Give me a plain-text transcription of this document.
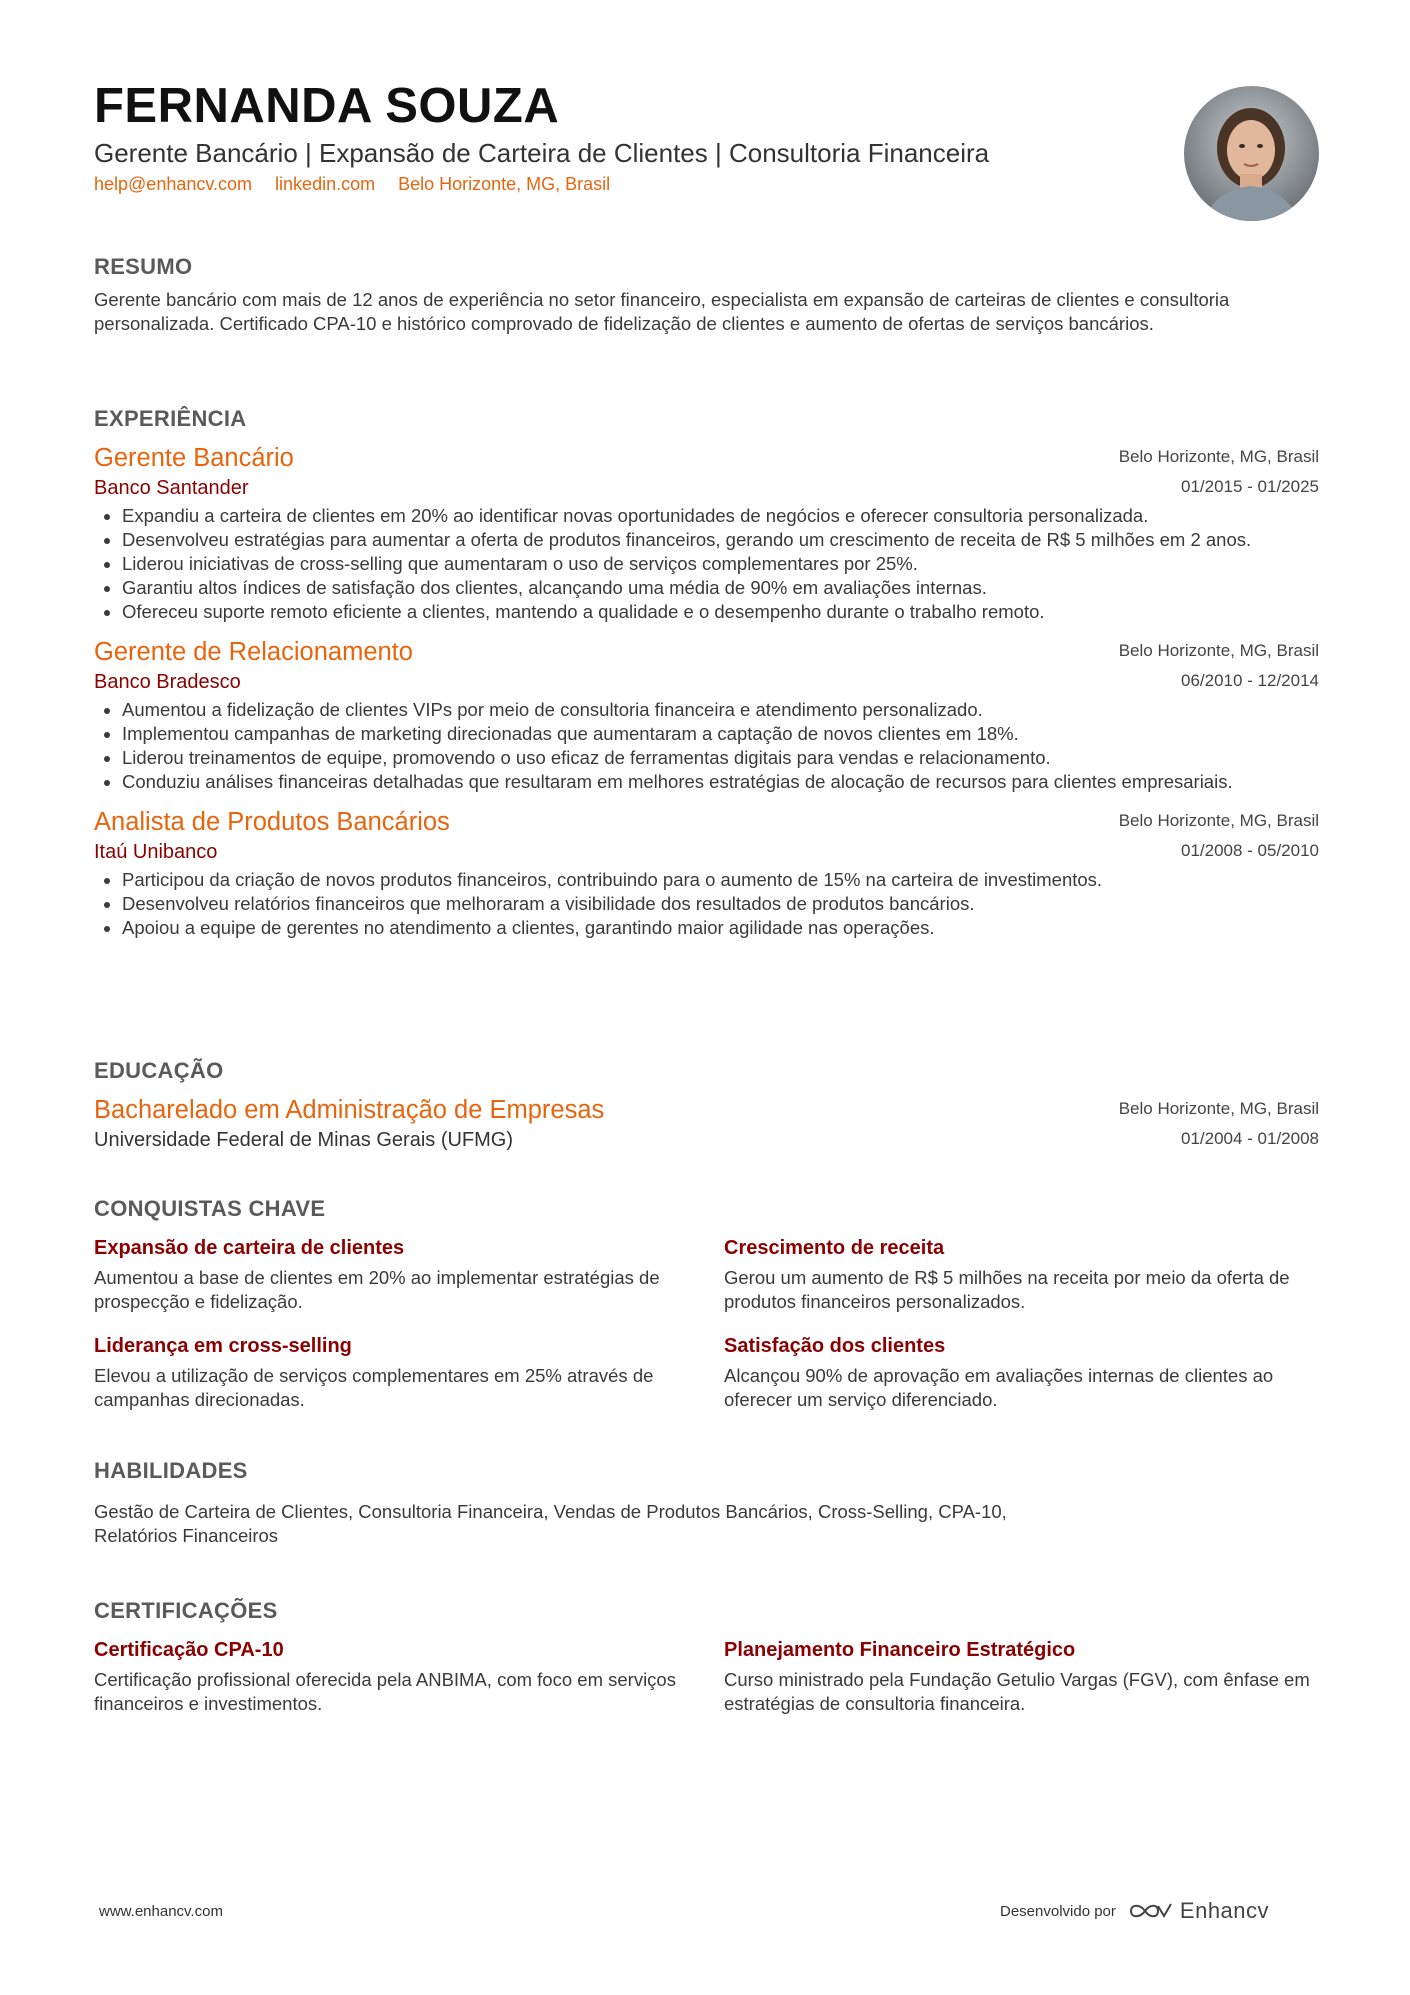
FERNANDA SOUZA
Gerente Bancário | Expansão de Carteira de Clientes | Consultoria Financeira
help@enhancv.com linkedin.com Belo Horizonte, MG, Brasil
RESUMO
Gerente bancário com mais de 12 anos de experiência no setor financeiro, especialista em expansão de carteiras de clientes e consultoria personalizada. Certificado CPA-10 e histórico comprovado de fidelização de clientes e aumento de ofertas de serviços bancários.
EXPERIÊNCIA
Gerente Bancário
Banco Santander
Belo Horizonte, MG, Brasil
01/2015 - 01/2025
• Expandiu a carteira de clientes em 20% ao identificar novas oportunidades de negócios e oferecer consultoria personalizada.
• Desenvolveu estratégias para aumentar a oferta de produtos financeiros, gerando um crescimento de receita de R$ 5 milhões em 2 anos.
• Liderou iniciativas de cross-selling que aumentaram o uso de serviços complementares por 25%.
• Garantiu altos índices de satisfação dos clientes, alcançando uma média de 90% em avaliações internas.
• Ofereceu suporte remoto eficiente a clientes, mantendo a qualidade e o desempenho durante o trabalho remoto.
Gerente de Relacionamento
Banco Bradesco
Belo Horizonte, MG, Brasil
06/2010 - 12/2014
• Aumentou a fidelização de clientes VIPs por meio de consultoria financeira e atendimento personalizado.
• Implementou campanhas de marketing direcionadas que aumentaram a captação de novos clientes em 18%.
• Liderou treinamentos de equipe, promovendo o uso eficaz de ferramentas digitais para vendas e relacionamento.
• Conduziu análises financeiras detalhadas que resultaram em melhores estratégias de alocação de recursos para clientes empresariais.
Analista de Produtos Bancários
Itaú Unibanco
Belo Horizonte, MG, Brasil
01/2008 - 05/2010
• Participou da criação de novos produtos financeiros, contribuindo para o aumento de 15% na carteira de investimentos.
• Desenvolveu relatórios financeiros que melhoraram a visibilidade dos resultados de produtos bancários.
• Apoiou a equipe de gerentes no atendimento a clientes, garantindo maior agilidade nas operações.
EDUCAÇÃO
Bacharelado em Administração de Empresas
Universidade Federal de Minas Gerais (UFMG)
Belo Horizonte, MG, Brasil
01/2004 - 01/2008
CONQUISTAS CHAVE
Expansão de carteira de clientes
Aumentou a base de clientes em 20% ao implementar estratégias de prospecção e fidelização.
Crescimento de receita
Gerou um aumento de R$ 5 milhões na receita por meio da oferta de produtos financeiros personalizados.
Liderança em cross-selling
Elevou a utilização de serviços complementares em 25% através de campanhas direcionadas.
Satisfação dos clientes
Alcançou 90% de aprovação em avaliações internas de clientes ao oferecer um serviço diferenciado.
HABILIDADES
Gestão de Carteira de Clientes, Consultoria Financeira, Vendas de Produtos Bancários, Cross-Selling, CPA-10,
Relatórios Financeiros
CERTIFICAÇÕES
Certificação CPA-10
Certificação profissional oferecida pela ANBIMA, com foco em serviços financeiros e investimentos.
Planejamento Financeiro Estratégico
Curso ministrado pela Fundação Getulio Vargas (FGV), com ênfase em estratégias de consultoria financeira.
www.enhancv.com	Desenvolvido por	Enhancv
